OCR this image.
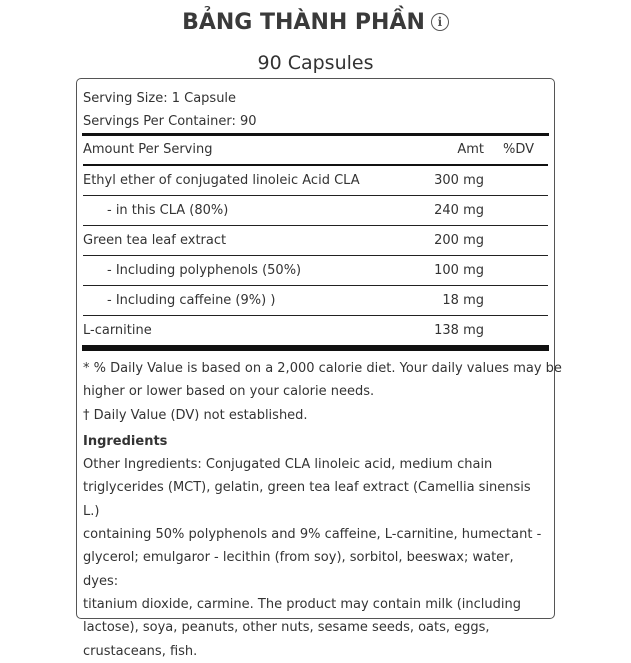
BẢNG THÀNH PHẦN i
90 Capsules
Serving Size: 1 Capsule
Servings Per Container: 90
Amount Per Serving	Amt %DV
Ethyl ether of conjugated linoleic Acid CLA	300 mg
- in this CLA (80%)	240 mg
Green tea leaf extract	200 mg
- Including polyphenols (50%)	100 mg
- Including caffeine (9%) )	18 mg
L-carnitine	138 mg
* % Daily Value is based on a 2,000 calorie diet. Your daily values may be
higher or lower based on your calorie needs.
† Daily Value (DV) not established.
Ingredients
Other Ingredients: Conjugated CLA linoleic acid, medium chain
triglycerides (MCT), gelatin, green tea leaf extract (Camellia sinensis L.)
containing 50% polyphenols and 9% caffeine, L-carnitine, humectant -
glycerol; emulgaror - lecithin (from soy), sorbitol, beeswax; water, dyes:
titanium dioxide, carmine. The product may contain milk (including
lactose), soya, peanuts, other nuts, sesame seeds, oats, eggs,
crustaceans, fish.
